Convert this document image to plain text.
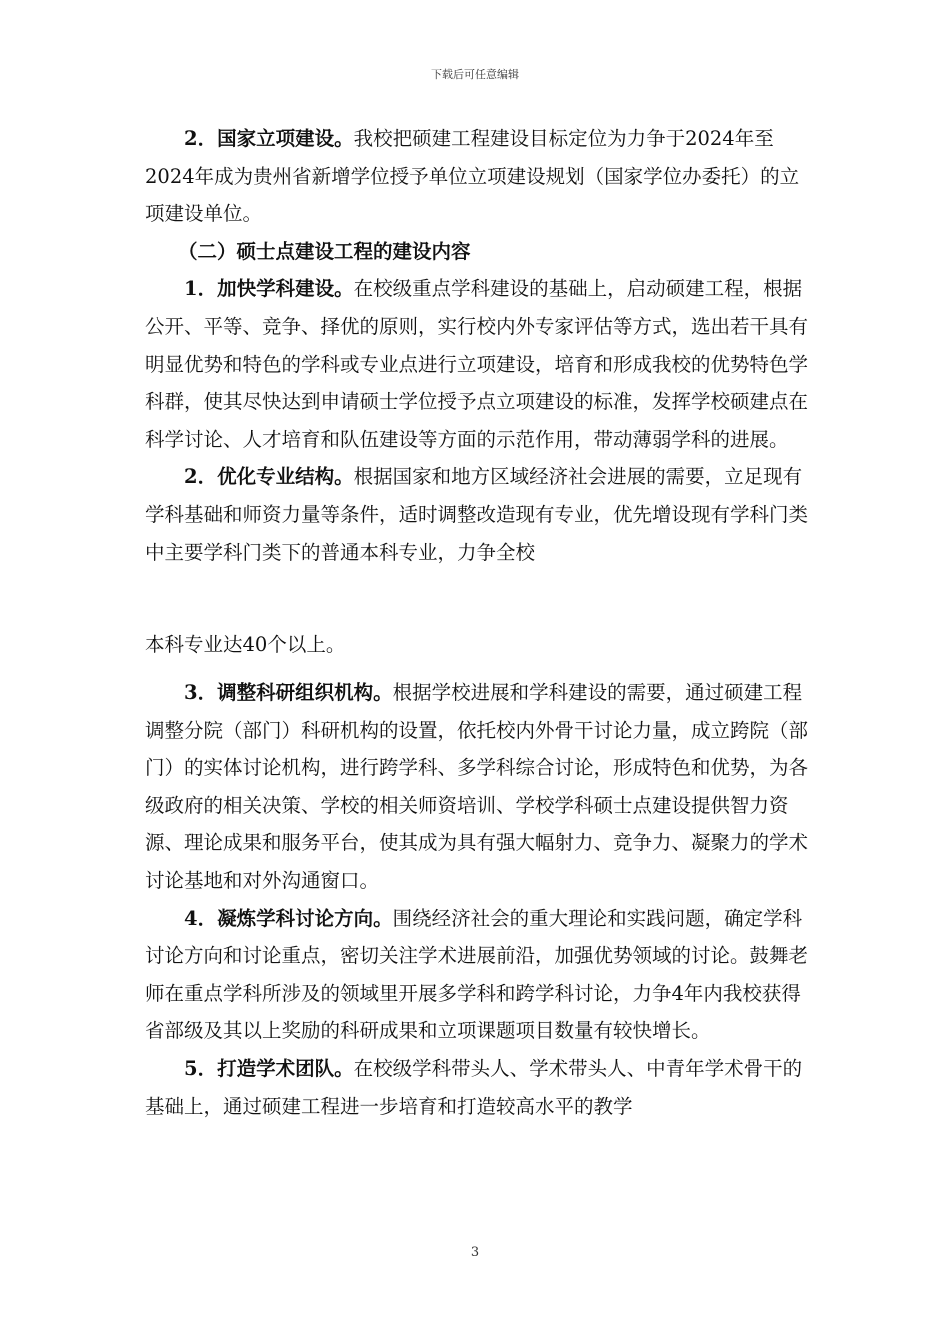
下载后可任意编辑

2．国家立项建设。我校把硕建工程建设目标定位为力争于2024年至2024年成为贵州省新增学位授予单位立项建设规划（国家学位办委托）的立项建设单位。

（二）硕士点建设工程的建设内容

1．加快学科建设。在校级重点学科建设的基础上，启动硕建工程，根据公开、平等、竞争、择优的原则，实行校内外专家评估等方式，选出若干具有明显优势和特色的学科或专业点进行立项建设，培育和形成我校的优势特色学科群，使其尽快达到申请硕士学位授予点立项建设的标准，发挥学校硕建点在科学讨论、人才培育和队伍建设等方面的示范作用，带动薄弱学科的进展。

2．优化专业结构。根据国家和地方区域经济社会进展的需要，立足现有学科基础和师资力量等条件，适时调整改造现有专业，优先增设现有学科门类中主要学科门类下的普通本科专业，力争全校

本科专业达40个以上。

3．调整科研组织机构。根据学校进展和学科建设的需要，通过硕建工程调整分院（部门）科研机构的设置，依托校内外骨干讨论力量，成立跨院（部门）的实体讨论机构，进行跨学科、多学科综合讨论，形成特色和优势，为各级政府的相关决策、学校的相关师资培训、学校学科硕士点建设提供智力资源、理论成果和服务平台，使其成为具有强大幅射力、竞争力、凝聚力的学术讨论基地和对外沟通窗口。

4．凝炼学科讨论方向。围绕经济社会的重大理论和实践问题，确定学科讨论方向和讨论重点，密切关注学术进展前沿，加强优势领域的讨论。鼓舞老师在重点学科所涉及的领域里开展多学科和跨学科讨论，力争4年内我校获得省部级及其以上奖励的科研成果和立项课题项目数量有较快增长。

5．打造学术团队。在校级学科带头人、学术带头人、中青年学术骨干的基础上，通过硕建工程进一步培育和打造较高水平的教学

3
